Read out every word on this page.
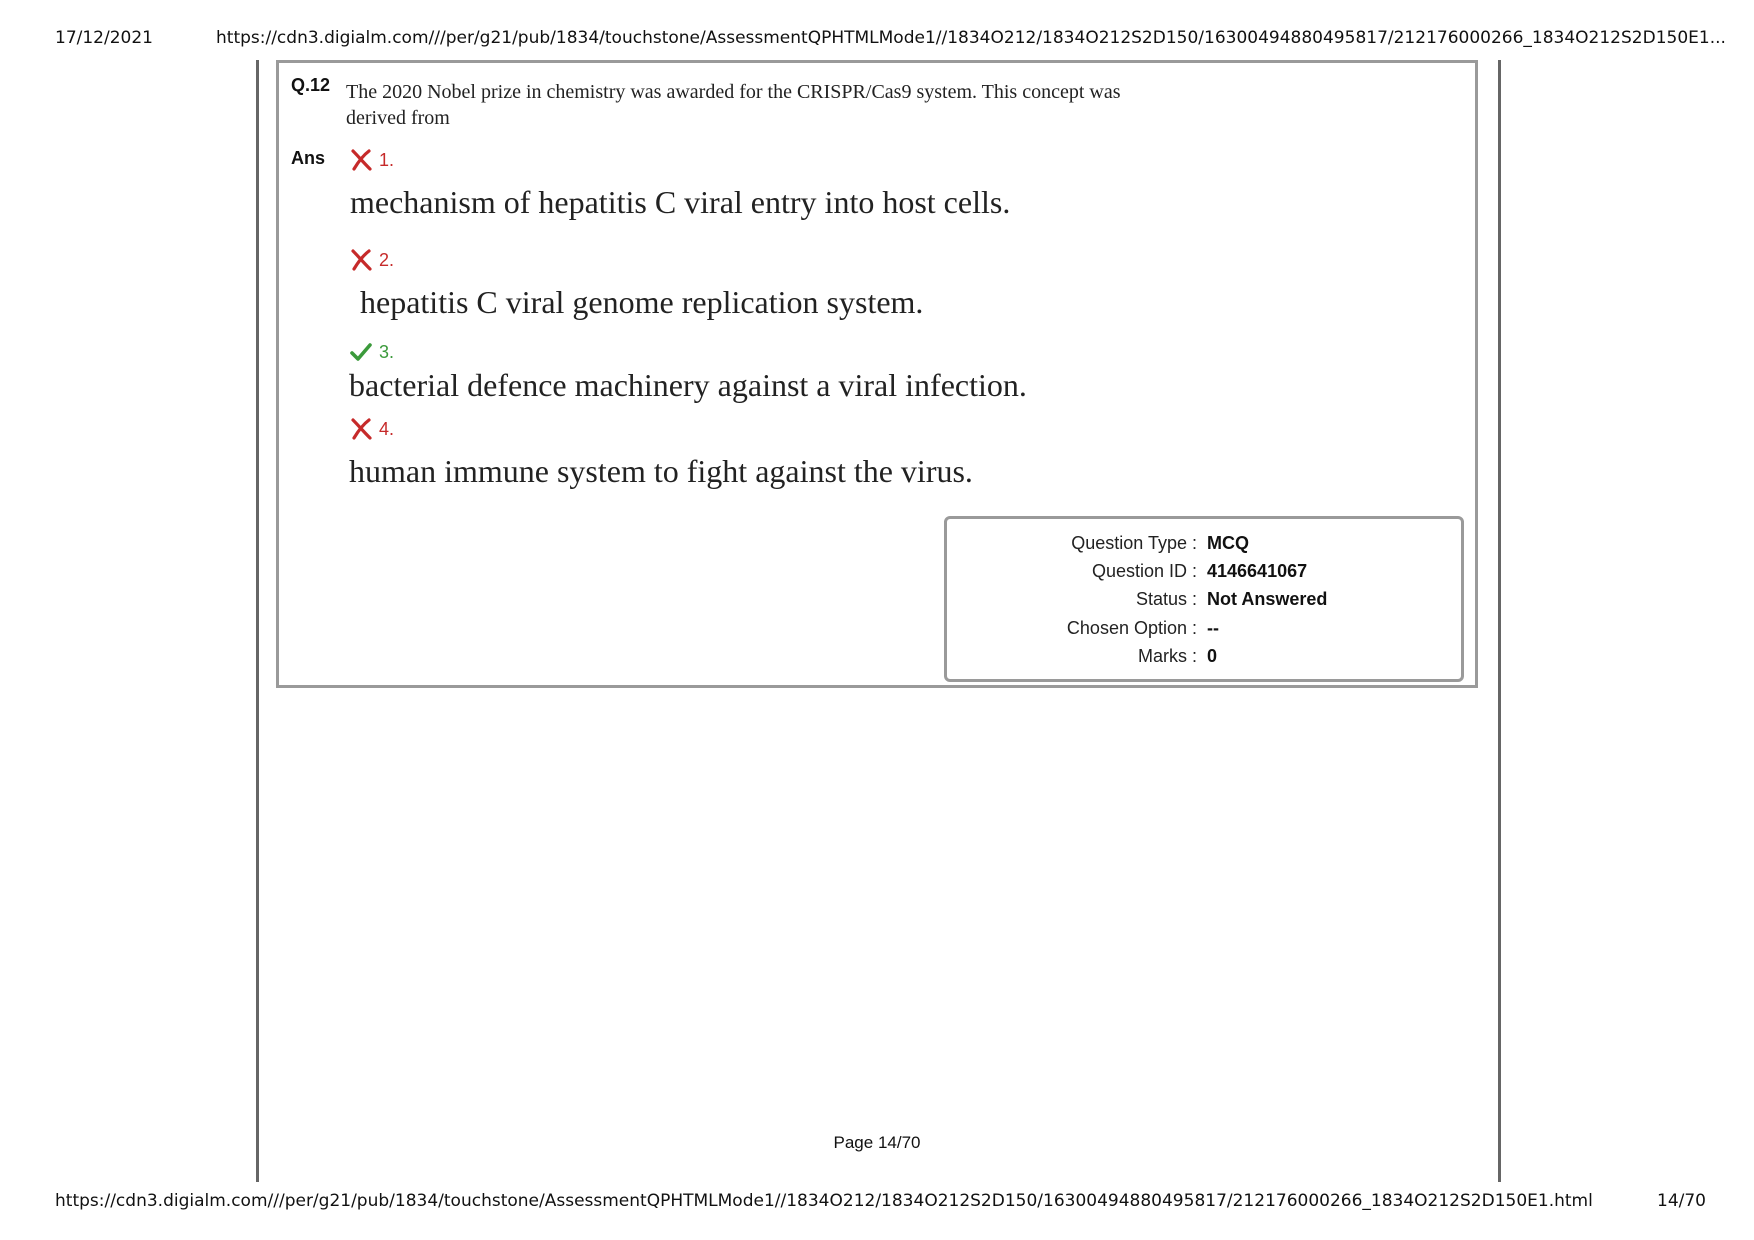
17/12/2021	https://cdn3.digialm.com///per/g21/pub/1834/touchstone/AssessmentQPHTMLMode1//1834O212/1834O212S2D150/16300494880495817/212176000266_1834O212S2D150E1...
Q.12 The 2020 Nobel prize in chemistry was awarded for the CRISPR/Cas9 system. This concept was derived from
Ans	1.
mechanism of hepatitis C viral entry into host cells.
2.
hepatitis C viral genome replication system.
3.
bacterial defence machinery against a viral infection.
4.
human immune system to fight against the virus.
Question Type : MCQ
Question ID : 4146641067
Status : Not Answered
Chosen Option : --
Marks : 0
Page 14/70
https://cdn3.digialm.com///per/g21/pub/1834/touchstone/AssessmentQPHTMLMode1//1834O212/1834O212S2D150/16300494880495817/212176000266_1834O212S2D150E1.html	14/70
